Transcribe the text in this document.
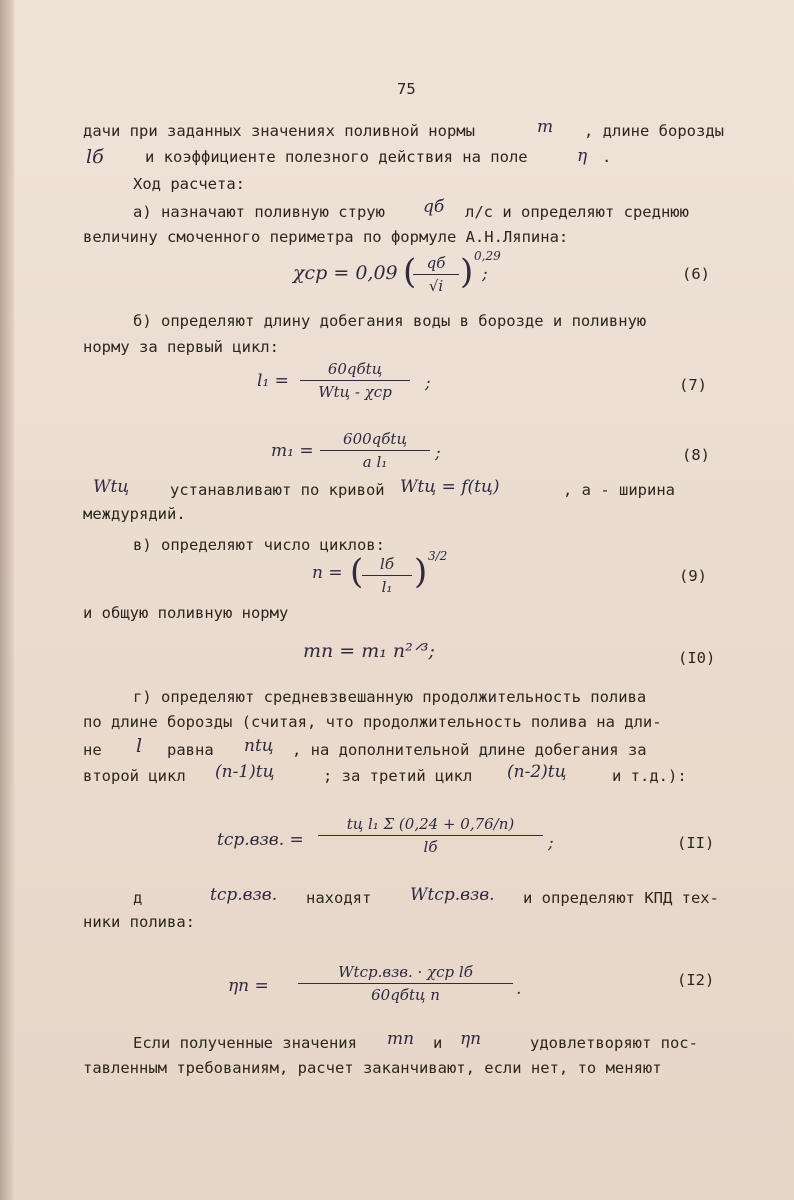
75
дачи при заданных значениях поливной нормы	m , длине борозды
lб	и коэффициенте полезного действия на поле	η .
Ход расчета:
а) назначают поливную струю qб л/с и определяют среднюю
величину смоченного периметра по формуле А.Н.Ляпина:
χср = 0,09 ( qб
√i ) 0,29
;	(6)
б) определяют длину добегания воды в борозде и поливную
норму за первый цикл:
l₁ =
60qбtц
Wtц - χср	;	(7)
m₁ =
600qбtц
a l₁	;	(8)
Wtц	устанавливают по кривой Wtц = f(tц)	, а - ширина
междурядий.
в) определяют число циклов:
n = (	lб
l₁ ) 3/2
(9)
и общую поливную норму
mn = m₁ n²ᐟ³;	(I0)
г) определяют средневзвешанную продолжительность полива
по длине борозды (считая, что продолжительность полива на дли-
не l равна ntц , на дополнительной длине добегания за
второй цикл (n-1)tц	; за третий цикл (n-2)tц	и т.д.):
tср.взв. =
tц l₁ Σ (0,24 + 0,76/n)
lб	;	(II)
д	tср.взв. находят Wtср.взв. и определяют КПД тех-
ники полива:
ηn =
Wtср.взв. · χср lб
60qбtц n	.	(I2)
Если полученные значения mn и ηn	удовлетворяют пос-
тавленным требованиям, расчет заканчивают, если нет, то меняют
